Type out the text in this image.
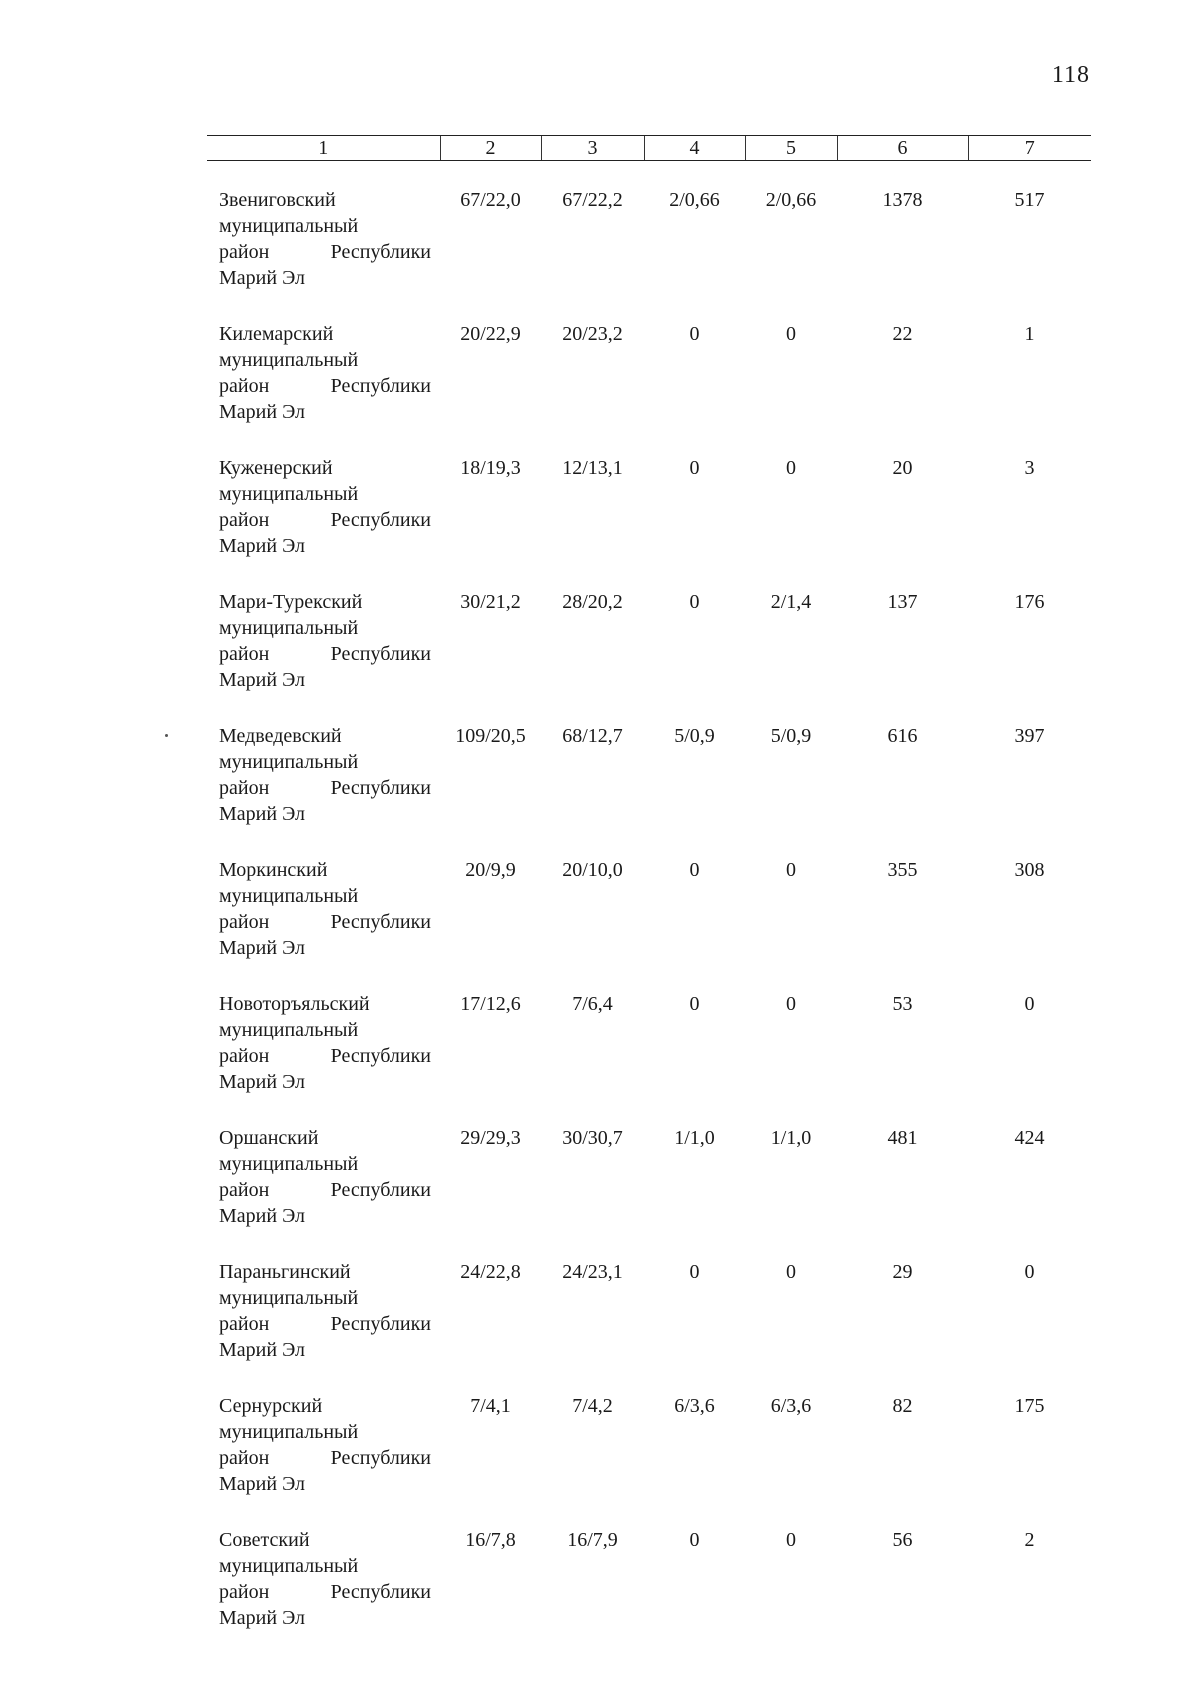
118
1	2	3	4	5	6	7

Звениговский
муниципальный
район Республики
Марий Эл	67/22,0	67/22,2	2/0,66	2/0,66	1378	517

Килемарский
муниципальный
район Республики
Марий Эл	20/22,9	20/23,2	0	0	22	1

Куженерский
муниципальный
район Республики
Марий Эл	18/19,3	12/13,1	0	0	20	3

Мари-Турекский
муниципальный
район Республики
Марий Эл	30/21,2	28/20,2	0	2/1,4	137	176

Медведевский
муниципальный
район Республики
Марий Эл	109/20,5	68/12,7	5/0,9	5/0,9	616	397

Моркинский
муниципальный
район Республики
Марий Эл	20/9,9	20/10,0	0	0	355	308

Новоторъяльский
муниципальный
район Республики
Марий Эл	17/12,6	7/6,4	0	0	53	0

Оршанский
муниципальный
район Республики
Марий Эл	29/29,3	30/30,7	1/1,0	1/1,0	481	424

Параньгинский
муниципальный
район Республики
Марий Эл	24/22,8	24/23,1	0	0	29	0

Сернурский
муниципальный
район Республики
Марий Эл	7/4,1	7/4,2	6/3,6	6/3,6	82	175

Советский
муниципальный
район Республики
Марий Эл	16/7,8	16/7,9	0	0	56	2
